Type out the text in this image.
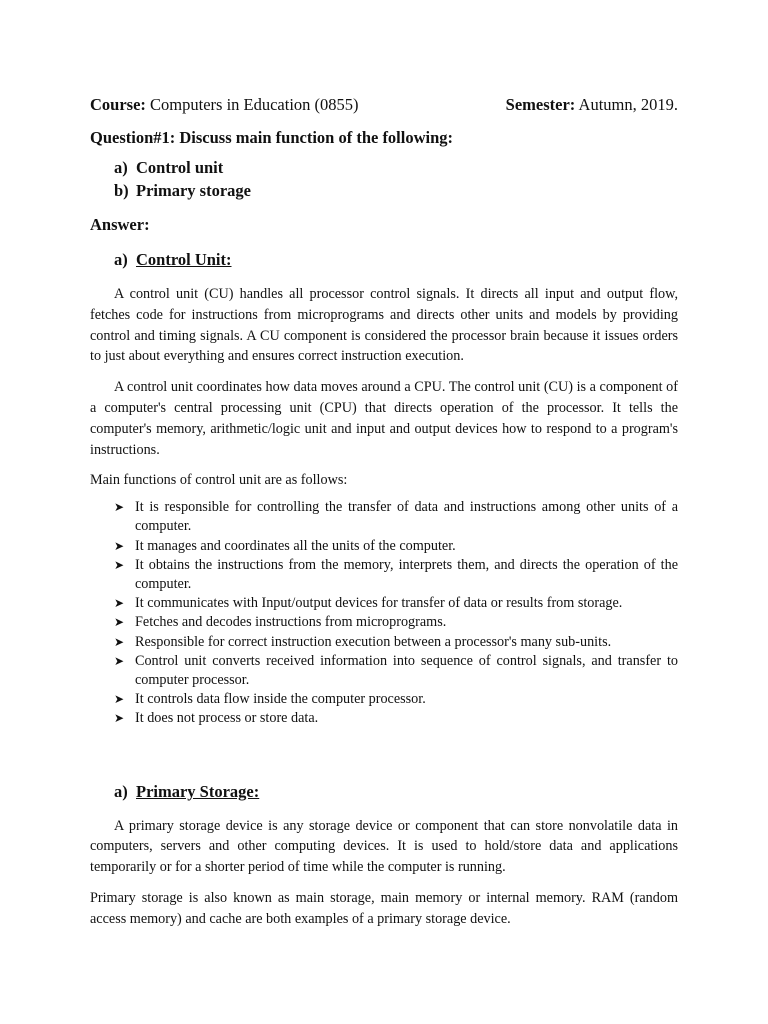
Course: Computers in Education (0855)	Semester: Autumn, 2019.
Question#1: Discuss main function of the following:
a) Control unit
b) Primary storage
Answer:
a) Control Unit:

A control unit (CU) handles all processor control signals. It directs all input and output flow, fetches code for instructions from microprograms and directs other units and models by providing control and timing signals. A CU component is considered the processor brain because it issues orders to just about everything and ensures correct instruction execution.

A control unit coordinates how data moves around a CPU. The control unit (CU) is a component of a computer's central processing unit (CPU) that directs operation of the processor. It tells the computer's memory, arithmetic/logic unit and input and output devices how to respond to a program's instructions.

Main functions of control unit are as follows:

➤ It is responsible for controlling the transfer of data and instructions among other units of a computer.
➤ It manages and coordinates all the units of the computer.
➤ It obtains the instructions from the memory, interprets them, and directs the operation of the computer.
➤ It communicates with Input/output devices for transfer of data or results from storage.
➤ Fetches and decodes instructions from microprograms.
➤ Responsible for correct instruction execution between a processor's many sub-units.
➤ Control unit converts received information into sequence of control signals, and transfer to computer processor.
➤ It controls data flow inside the computer processor.
➤ It does not process or store data.
a) Primary Storage:

A primary storage device is any storage device or component that can store nonvolatile data in computers, servers and other computing devices. It is used to hold/store data and applications temporarily or for a shorter period of time while the computer is running.

Primary storage is also known as main storage, main memory or internal memory. RAM (random access memory) and cache are both examples of a primary storage device.
